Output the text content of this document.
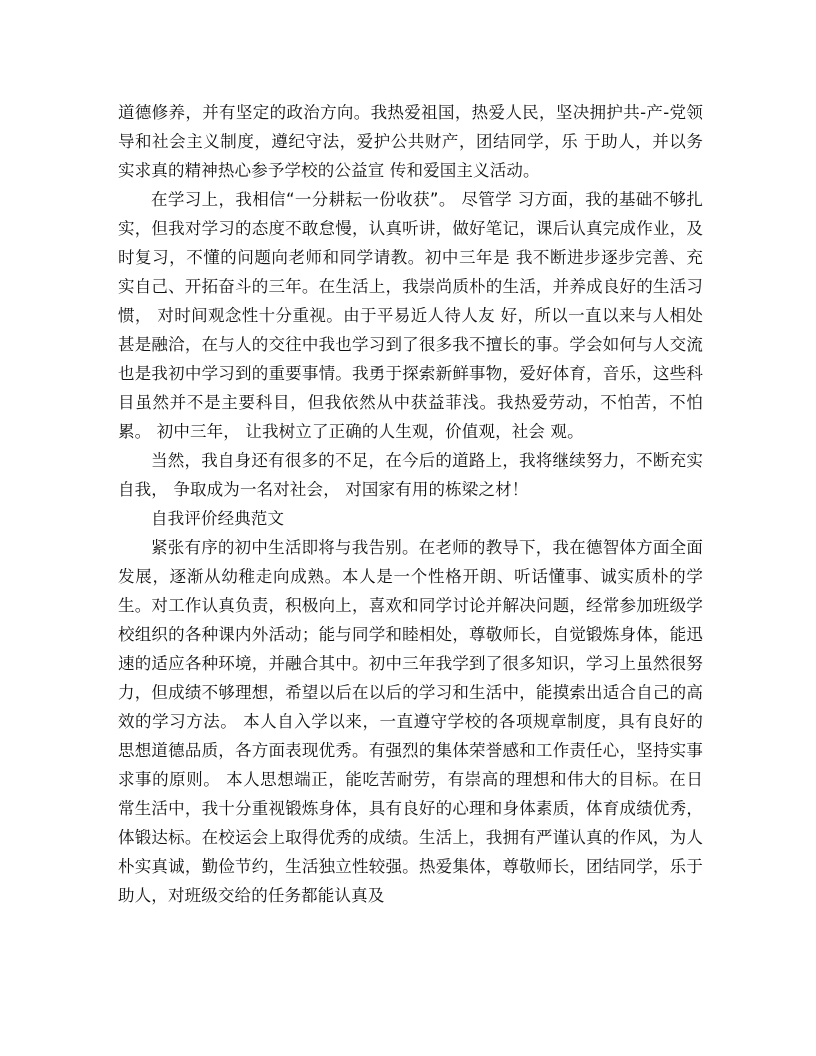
道德修养，并有坚定的政治方向。我热爱祖国，热爱人民，坚决拥护共-产-党领导和社会主义制度，遵纪守法，爱护公共财产，团结同学，乐 于助人，并以务实求真的精神热心参予学校的公益宣 传和爱国主义活动。

在学习上，我相信“一分耕耘一份收获”。 尽管学 习方面，我的基础不够扎实，但我对学习的态度不敢怠慢，认真听讲，做好笔记，课后认真完成作业，及时复习，不懂的问题向老师和同学请教。初中三年是 我不断进步逐步完善、充实自己、开拓奋斗的三年。在生活上，我崇尚质朴的生活，并养成良好的生活习惯， 对时间观念性十分重视。由于平易近人待人友 好，所以一直以来与人相处甚是融洽，在与人的交往中我也学习到了很多我不擅长的事。学会如何与人交流也是我初中学习到的重要事情。我勇于探索新鲜事物，爱好体育，音乐，这些科目虽然并不是主要科目，但我依然从中获益菲浅。我热爱劳动，不怕苦，不怕 累。 初中三年， 让我树立了正确的人生观，价值观，社会 观。

当然，我自身还有很多的不足，在今后的道路上，我将继续努力，不断充实自我， 争取成为一名对社会， 对国家有用的栋梁之材！

自我评价经典范文

紧张有序的初中生活即将与我告别。在老师的教导下，我在德智体方面全面发展，逐渐从幼稚走向成熟。本人是一个性格开朗、听话懂事、诚实质朴的学生。对工作认真负责，积极向上，喜欢和同学讨论并解决问题，经常参加班级学校组织的各种课内外活动；能与同学和睦相处，尊敬师长，自觉锻炼身体，能迅速的适应各种环境，并融合其中。初中三年我学到了很多知识，学习上虽然很努力，但成绩不够理想，希望以后在以后的学习和生活中，能摸索出适合自己的高效的学习方法。 本人自入学以来，一直遵守学校的各项规章制度，具有良好的思想道德品质，各方面表现优秀。有强烈的集体荣誉感和工作责任心，坚持实事求事的原则。 本人思想端正，能吃苦耐劳，有崇高的理想和伟大的目标。在日常生活中，我十分重视锻炼身体，具有良好的心理和身体素质，体育成绩优秀，体锻达标。在校运会上取得优秀的成绩。生活上，我拥有严谨认真的作风，为人朴实真诚，勤俭节约，生活独立性较强。热爱集体，尊敬师长，团结同学，乐于助人，对班级交给的任务都能认真及
